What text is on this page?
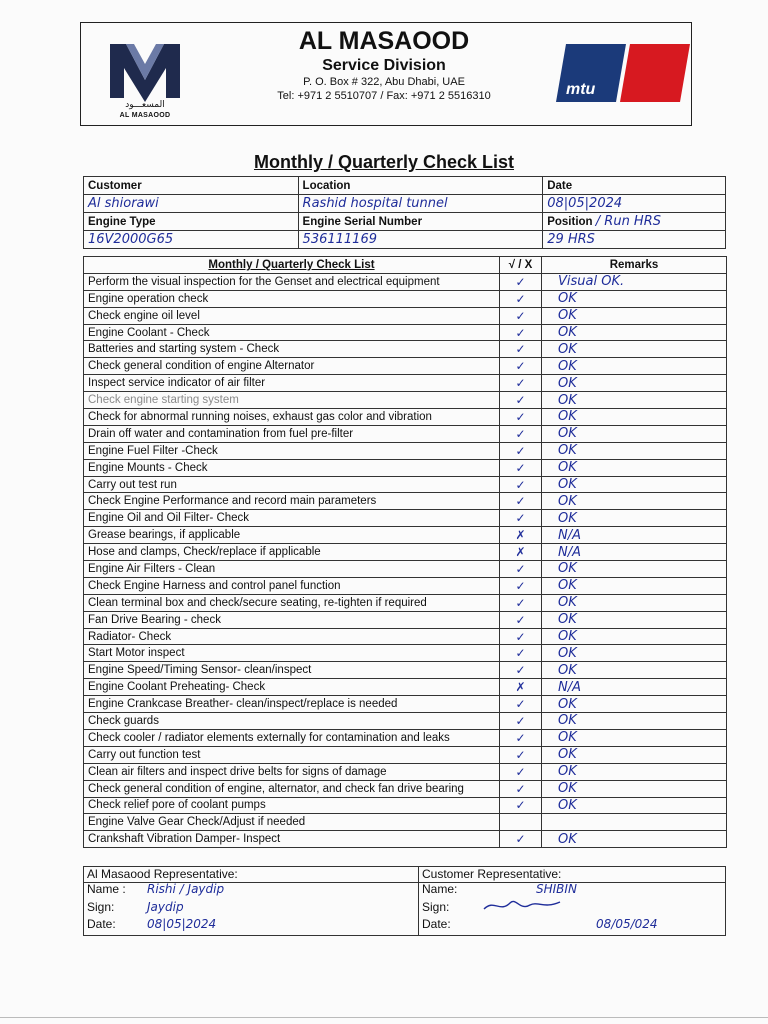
المسعـــود
AL MASAOOD
AL MASAOOD
Service Division
P. O. Box # 322, Abu Dhabi, UAE
Tel: +971 2 5510707 / Fax: +971 2 5516310	mtu
Monthly / Quarterly Check List
Customer	Location	Date

Al shiorawi	Rashid hospital tunnel	08|05|2024

Engine Type	Engine Serial Number	Position / Run HRS
16V2000G65	536111169	29 HRS
Monthly / Quarterly Check List	√ / X	Remarks
Perform the visual inspection for the Genset and electrical equipment	✓	Visual OK.
Engine operation check	✓	OK
Check engine oil level	✓	OK
Engine Coolant - Check	✓	OK
Batteries and starting system - Check	✓	OK
Check general condition of engine Alternator	✓	OK
Inspect service indicator of air filter	✓	OK
Check engine starting system	✓	OK
Check for abnormal running noises, exhaust gas color and vibration	✓	OK
Drain off water and contamination from fuel pre-filter	✓	OK
Engine Fuel Filter -Check	✓	OK
Engine Mounts - Check	✓	OK
Carry out test run	✓	OK
Check Engine Performance and record main parameters	✓	OK
Engine Oil and Oil Filter- Check	✓	OK
Grease bearings, if applicable	✗	N/A
Hose and clamps, Check/replace if applicable	✗	N/A
Engine Air Filters - Clean	✓	OK
Check Engine Harness and control panel function	✓	OK
Clean terminal box and check/secure seating, re-tighten if required	✓	OK
Fan Drive Bearing - check	✓	OK
Radiator- Check	✓	OK
Start Motor inspect	✓	OK
Engine Speed/Timing Sensor- clean/inspect	✓	OK
Engine Coolant Preheating- Check	✗	N/A
Engine Crankcase Breather- clean/inspect/replace is needed	✓	OK
Check guards	✓	OK
Check cooler / radiator elements externally for contamination and leaks	✓	OK
Carry out function test	✓	OK
Clean air filters and inspect drive belts for signs of damage	✓	OK
Check general condition of engine, alternator, and check fan drive bearing	✓	OK
Check relief pore of coolant pumps	✓	OK
Engine Valve Gear Check/Adjust if needed		
Crankshaft Vibration Damper- Inspect	✓	OK
Al Masaood Representative:		Customer Representative:	
Name :	Rishi / Jaydip	Name:	SHIBIN
Sign:	Jaydip	Sign:	
Date:	08|05|2024	Date:	08/05/024
